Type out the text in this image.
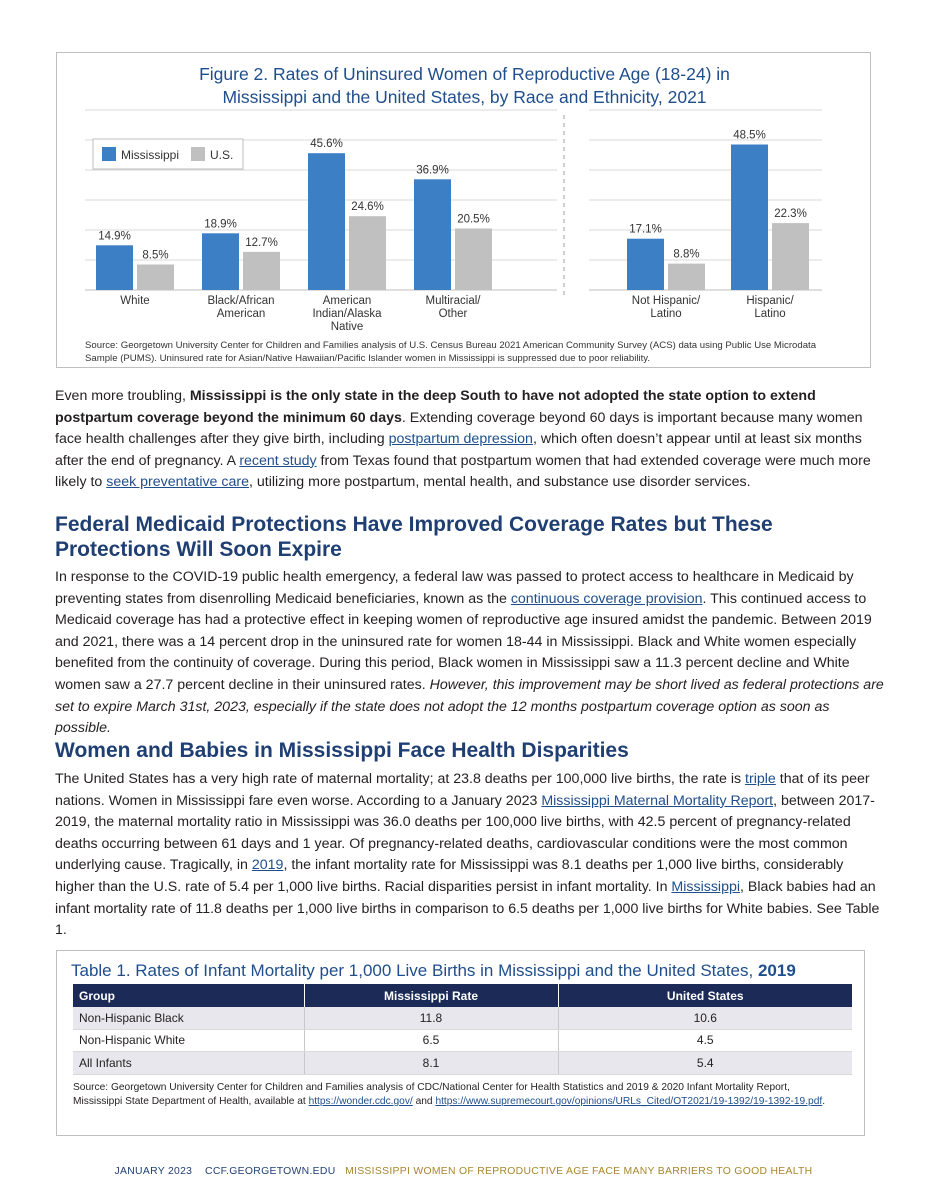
Figure 2. Rates of Uninsured Women of Reproductive Age (18-24) in
Mississippi and the United States, by Race and Ethnicity, 2021

14.9%
8.5%
White
18.9%
12.7%
Black/African American
45.6%
24.6%
American Indian/Alaska Native
36.9%
20.5%
Multiracial/ Other
17.1%
8.8%
Not Hispanic/ Latino
48.5%
22.3%
Hispanic/ Latino
Mississippi	U.S.

Source: Georgetown University Center for Children and Families analysis of U.S. Census Bureau 2021 American Community Survey (ACS) data using Public Use Microdata Sample (PUMS). Uninsured rate for Asian/Native Hawaiian/Pacific Islander women in Mississippi is suppressed due to poor reliability.

Even more troubling, Mississippi is the only state in the deep South to have not adopted the state option to extend postpartum coverage beyond the minimum 60 days. Extending coverage beyond 60 days is important because many women face health challenges after they give birth, including postpartum depression, which often doesn’t appear until at least six months after the end of pregnancy. A recent study from Texas found that postpartum women that had extended coverage were much more likely to seek preventative care, utilizing more postpartum, mental health, and substance use disorder services.

Federal Medicaid Protections Have Improved Coverage Rates but These
Protections Will Soon Expire

In response to the COVID-19 public health emergency, a federal law was passed to protect access to healthcare in Medicaid by preventing states from disenrolling Medicaid beneficiaries, known as the continuous coverage provision. This continued access to Medicaid coverage has had a protective effect in keeping women of reproductive age insured amidst the pandemic. Between 2019 and 2021, there was a 14 percent drop in the uninsured rate for women 18-44 in Mississippi. Black and White women especially benefited from the continuity of coverage. During this period, Black women in Mississippi saw a 11.3 percent decline and White women saw a 27.7 percent decline in their uninsured rates. However, this improvement may be short lived as federal protections are set to expire March 31st, 2023, especially if the state does not adopt the 12 months postpartum coverage option as soon as possible.

Women and Babies in Mississippi Face Health Disparities

The United States has a very high rate of maternal mortality; at 23.8 deaths per 100,000 live births, the rate is triple that of its peer nations. Women in Mississippi fare even worse. According to a January 2023 Mississippi Maternal Mortality Report, between 2017-2019, the maternal mortality ratio in Mississippi was 36.0 deaths per 100,000 live births, with 42.5 percent of pregnancy-related deaths occurring between 61 days and 1 year. Of pregnancy-related deaths, cardiovascular conditions were the most common underlying cause. Tragically, in 2019, the infant mortality rate for Mississippi was 8.1 deaths per 1,000 live births, considerably higher than the U.S. rate of 5.4 per 1,000 live births. Racial disparities persist in infant mortality. In Mississippi, Black babies had an infant mortality rate of 11.8 deaths per 1,000 live births in comparison to 6.5 deaths per 1,000 live births for White babies. See Table 1.

Table 1. Rates of Infant Mortality per 1,000 Live Births in Mississippi and the United States, 2019

Group	Mississippi Rate	United States
Non-Hispanic Black	11.8	10.6
Non-Hispanic White	6.5	4.5
All Infants	8.1	5.4

Source: Georgetown University Center for Children and Families analysis of CDC/National Center for Health Statistics and 2019 & 2020 Infant Mortality Report, Mississippi State Department of Health, available at https://wonder.cdc.gov/ and https://www.supremecourt.gov/opinions/URLs_Cited/OT2021/19-1392/19-1392-19.pdf.

JANUARY 2023 CCF.GEORGETOWN.EDU MISSISSIPPI WOMEN OF REPRODUCTIVE AGE FACE MANY BARRIERS TO GOOD HEALTH
